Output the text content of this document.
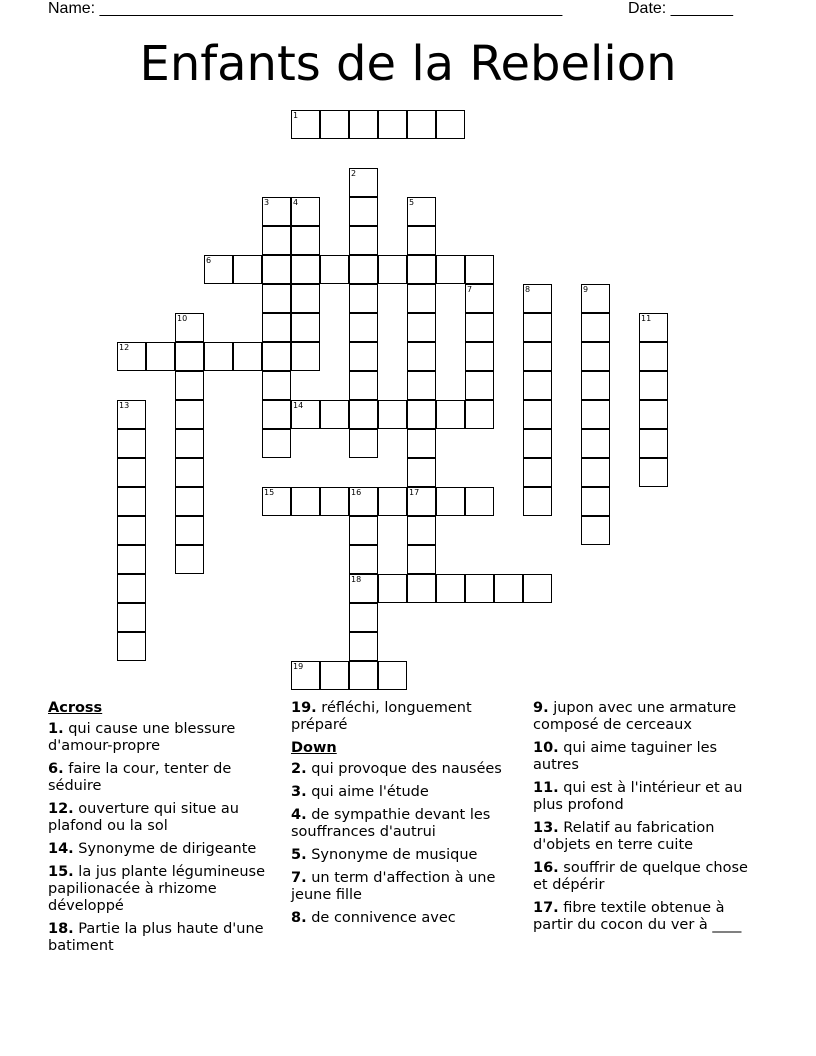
Name: ____________________________________________________	Date: _______
Enfants de la Rebelion
1
2
3	4	5
6
7	8	9
10	11
12
13	14
15	16	17
18
19
Across
1. qui cause une blessure d'amour-propre
6. faire la cour, tenter de séduire
12. ouverture qui situe au plafond ou la sol
14. Synonyme de dirigeante
15. la jus plante légumineuse papilionacée à rhizome développé
18. Partie la plus haute d'une batiment
19. réfléchi, longuement préparé
Down
2. qui provoque des nausées
3. qui aime l'étude
4. de sympathie devant les souffrances d'autrui
5. Synonyme de musique
7. un term d'affection à une jeune fille
8. de connivence avec
9. jupon avec une armature composé de cerceaux
10. qui aime taguiner les autres
11. qui est à l'intérieur et au plus profond
13. Relatif au fabrication d'objets en terre cuite
16. souffrir de quelque chose et dépérir
17. fibre textile obtenue à partir du cocon du ver à ____
